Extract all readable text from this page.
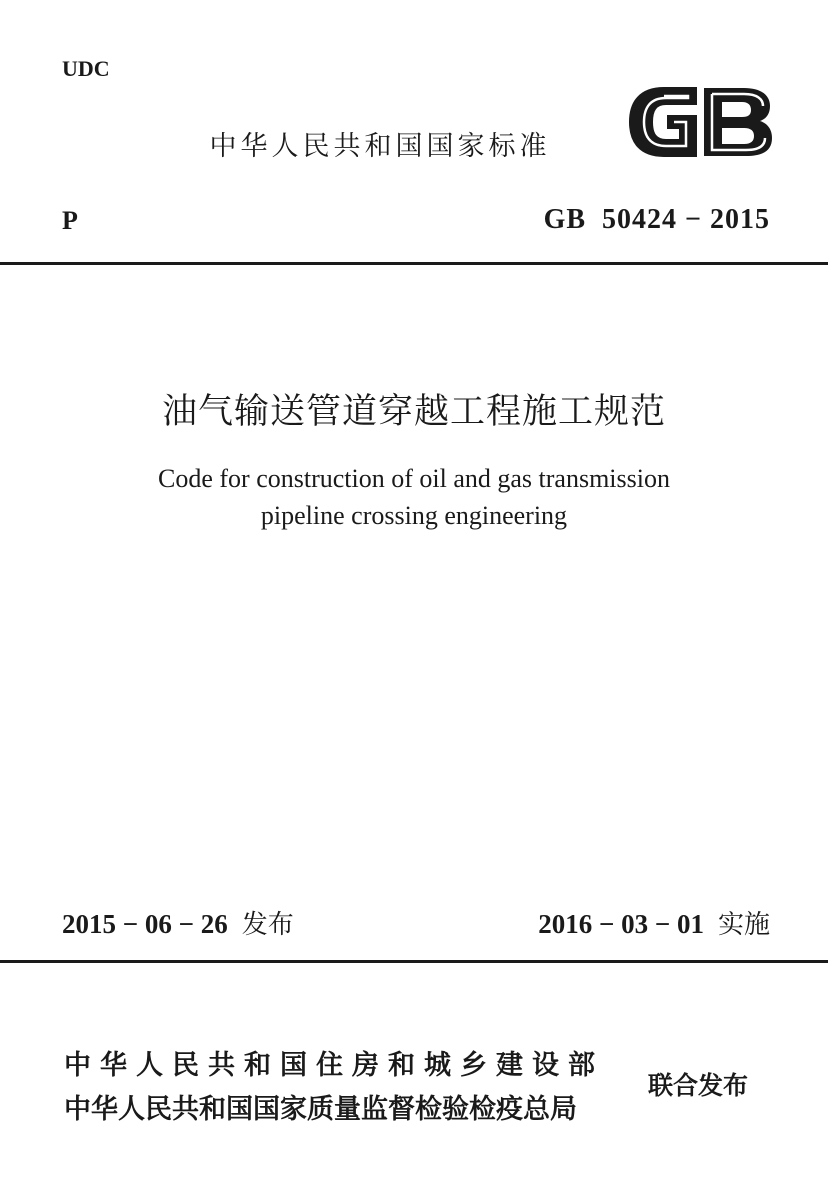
UDC
中华人民共和国国家标准
P	GB  50424 − 2015
油气输送管道穿越工程施工规范
Code for construction of oil and gas transmission
pipeline crossing engineering
2015 − 06 − 26 发布	2016 − 03 − 01 实施
中华人民共和国住房和城乡建设部
中华人民共和国国家质量监督检验检疫总局
联合发布
